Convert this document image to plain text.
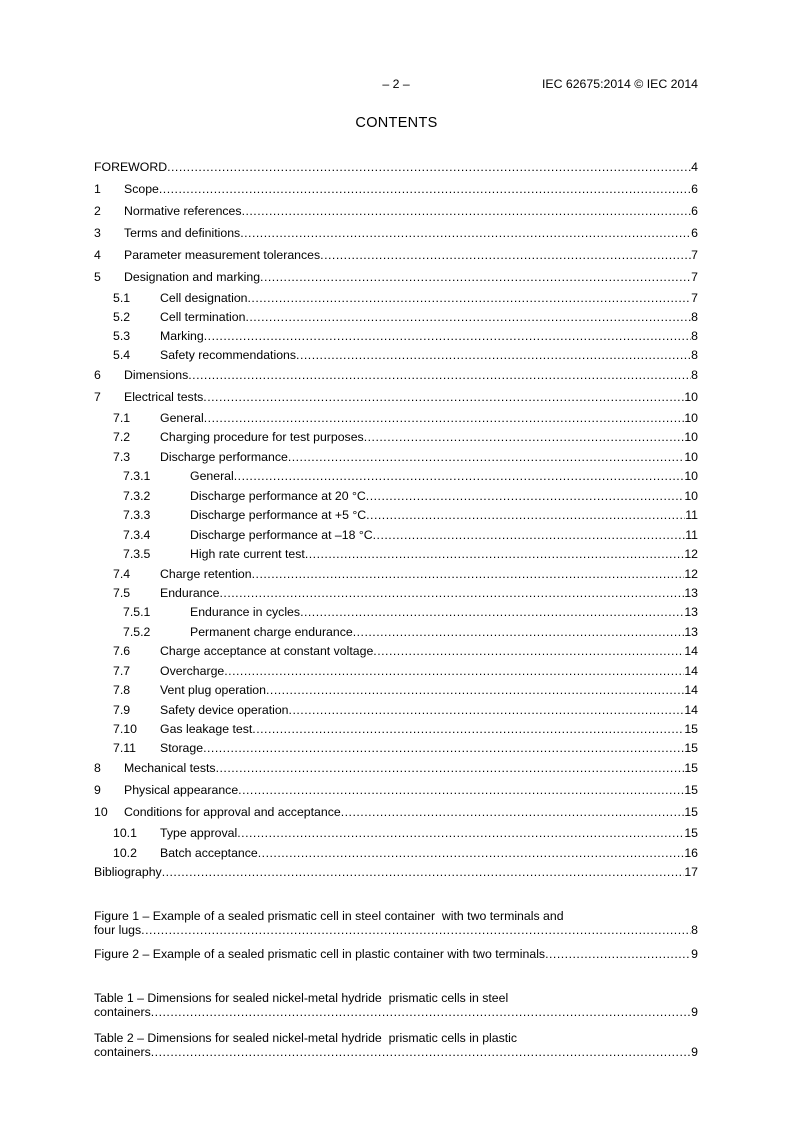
– 2 –	IEC 62675:2014 © IEC 2014
CONTENTS
FOREWORD .....	4
1	Scope .....	6
2	Normative references .....	6
3	Terms and definitions .....	6
4	Parameter measurement tolerances .....	7
5	Designation and marking .....	7
5.1	Cell designation .....	7
5.2	Cell termination .....	8
5.3	Marking .....	8
5.4	Safety recommendations .....	8
6	Dimensions .....	8
7	Electrical tests .....	10
7.1	General .....	10
7.2	Charging procedure for test purposes .....	10
7.3	Discharge performance .....	10
7.3.1	General .....	10
7.3.2	Discharge performance at 20 °C .....	10
7.3.3	Discharge performance at +5 °C .....	11
7.3.4	Discharge performance at –18 °C .....	11
7.3.5	High rate current test .....	12
7.4	Charge retention .....	12
7.5	Endurance .....	13
7.5.1	Endurance in cycles .....	13
7.5.2	Permanent charge endurance .....	13
7.6	Charge acceptance at constant voltage .....	14
7.7	Overcharge .....	14
7.8	Vent plug operation .....	14
7.9	Safety device operation .....	14
7.10	Gas leakage test .....	15
7.11	Storage .....	15
8	Mechanical tests .....	15
9	Physical appearance .....	15
10	Conditions for approval and acceptance .....	15
10.1	Type approval .....	15
10.2	Batch acceptance .....	16
Bibliography .....	17
Figure 1 – Example of a sealed prismatic cell in steel container  with two terminals and
four lugs .....	8
Figure 2 – Example of a sealed prismatic cell in plastic container with two terminals .....	9
Table 1 – Dimensions for sealed nickel-metal hydride  prismatic cells in steel
containers .....	9
Table 2 – Dimensions for sealed nickel-metal hydride  prismatic cells in plastic
containers .....	9
